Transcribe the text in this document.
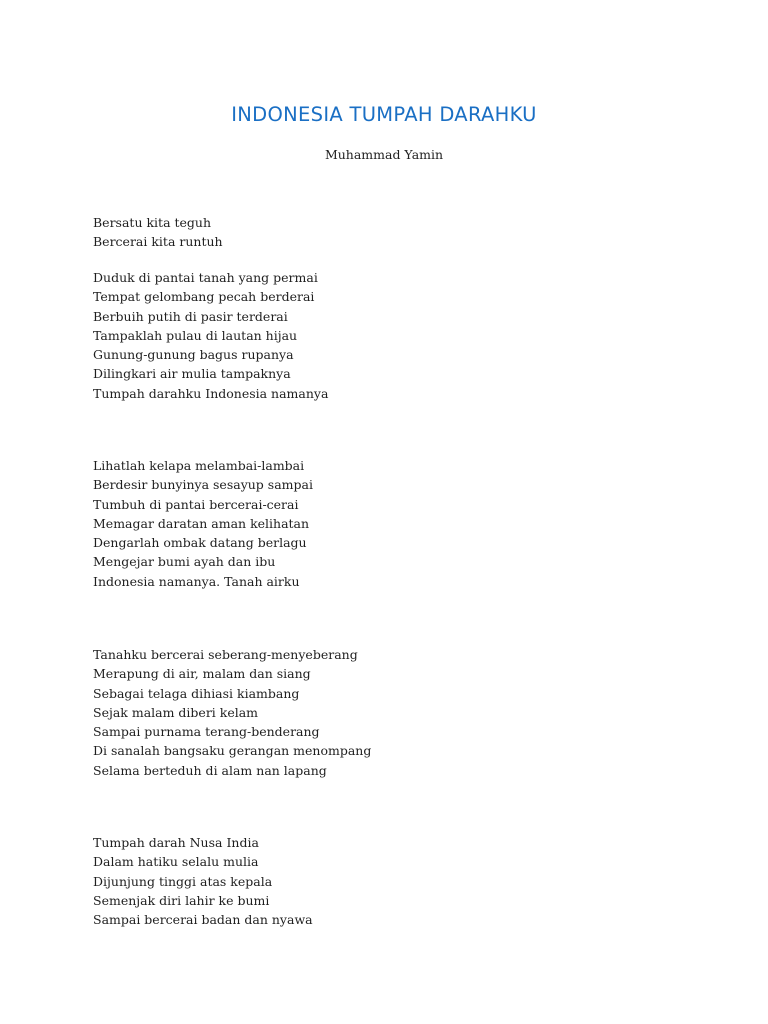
INDONESIA TUMPAH DARAHKU

Muhammad Yamin

Bersatu kita teguh
Bercerai kita runtuh
Duduk di pantai tanah yang permai
Tempat gelombang pecah berderai
Berbuih putih di pasir terderai
Tampaklah pulau di lautan hijau
Gunung-gunung bagus rupanya
Dilingkari air mulia tampaknya
Tumpah darahku Indonesia namanya
Lihatlah kelapa melambai-lambai
Berdesir bunyinya sesayup sampai
Tumbuh di pantai bercerai-cerai
Memagar daratan aman kelihatan
Dengarlah ombak datang berlagu
Mengejar bumi ayah dan ibu
Indonesia namanya. Tanah airku
Tanahku bercerai seberang-menyeberang
Merapung di air, malam dan siang
Sebagai telaga dihiasi kiambang
Sejak malam diberi kelam
Sampai purnama terang-benderang
Di sanalah bangsaku gerangan menompang
Selama berteduh di alam nan lapang
Tumpah darah Nusa India
Dalam hatiku selalu mulia
Dijunjung tinggi atas kepala
Semenjak diri lahir ke bumi
Sampai bercerai badan dan nyawa
